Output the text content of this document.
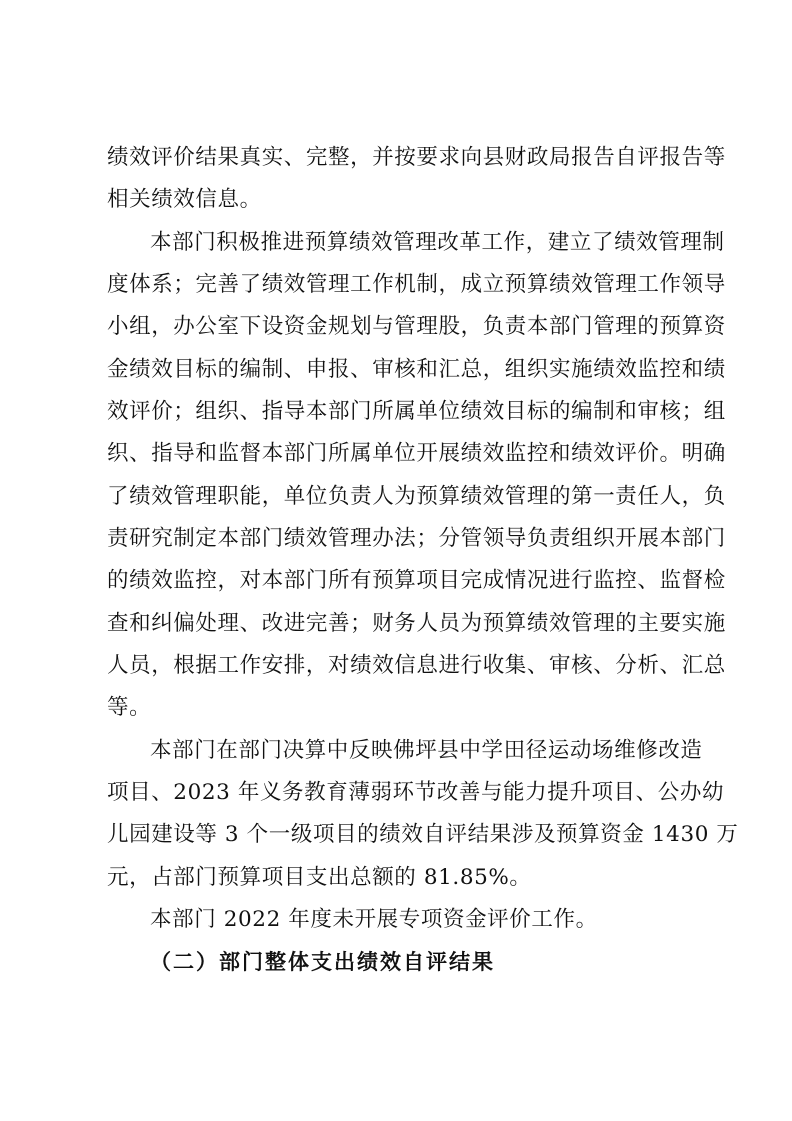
绩效评价结果真实、完整，并按要求向县财政局报告自评报告等
相关绩效信息。
本部门积极推进预算绩效管理改革工作，建立了绩效管理制
度体系；完善了绩效管理工作机制，成立预算绩效管理工作领导
小组，办公室下设资金规划与管理股，负责本部门管理的预算资
金绩效目标的编制、申报、审核和汇总，组织实施绩效监控和绩
效评价；组织、指导本部门所属单位绩效目标的编制和审核；组
织、指导和监督本部门所属单位开展绩效监控和绩效评价。明确
了绩效管理职能，单位负责人为预算绩效管理的第一责任人，负
责研究制定本部门绩效管理办法；分管领导负责组织开展本部门
的绩效监控，对本部门所有预算项目完成情况进行监控、监督检
查和纠偏处理、改进完善；财务人员为预算绩效管理的主要实施
人员，根据工作安排，对绩效信息进行收集、审核、分析、汇总
等。
本部门在部门决算中反映佛坪县中学田径运动场维修改造
项目、2023 年义务教育薄弱环节改善与能力提升项目、公办幼
儿园建设等 3 个一级项目的绩效自评结果涉及预算资金 1430 万
元，占部门预算项目支出总额的 81.85%。
本部门 2022 年度未开展专项资金评价工作。
（二）部门整体支出绩效自评结果
